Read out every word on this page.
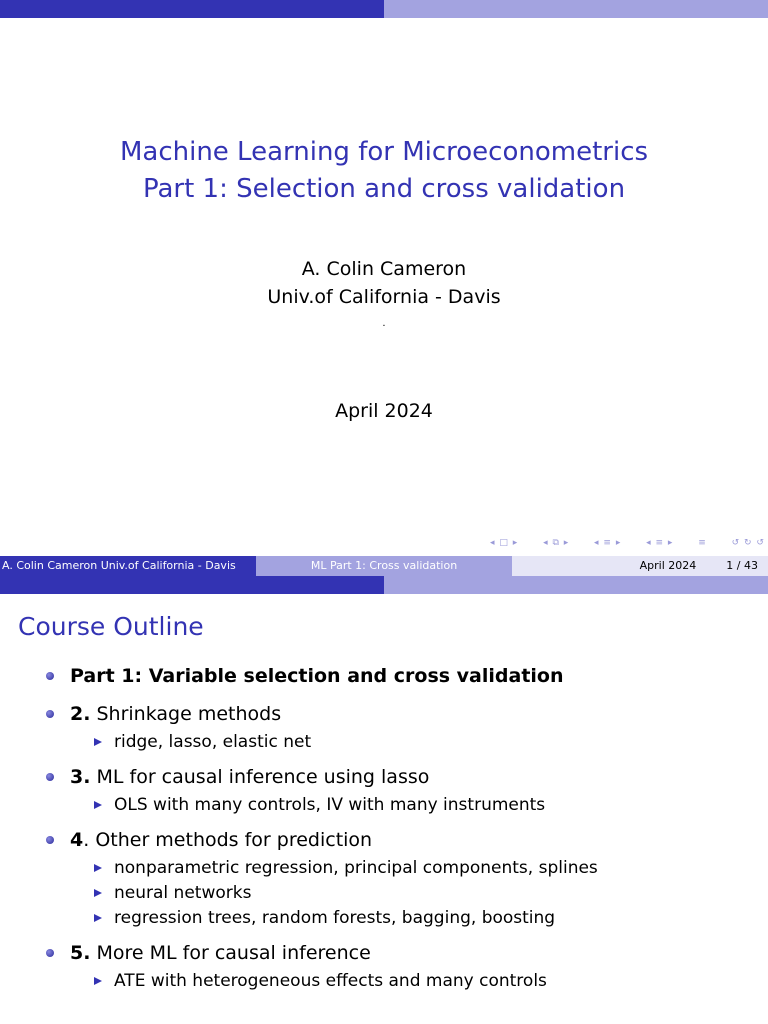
Machine Learning for Microeconometrics
Part 1: Selection and cross validation
A. Colin Cameron
Univ.of California - Davis
.
April 2024
◂ □ ▸	◂ ⧉ ▸	◂ ≡ ▸	◂ ≡ ▸	≡	↺ ↻ ↺
A. Colin Cameron Univ.of California - Davis	ML Part 1: Cross validation	April 2024	1 / 43
Course Outline
Part 1: Variable selection and cross validation
2. Shrinkage methods
ridge, lasso, elastic net
3. ML for causal inference using lasso
OLS with many controls, IV with many instruments
4. Other methods for prediction
nonparametric regression, principal components, splines
neural networks
regression trees, random forests, bagging, boosting
5. More ML for causal inference
ATE with heterogeneous effects and many controls
